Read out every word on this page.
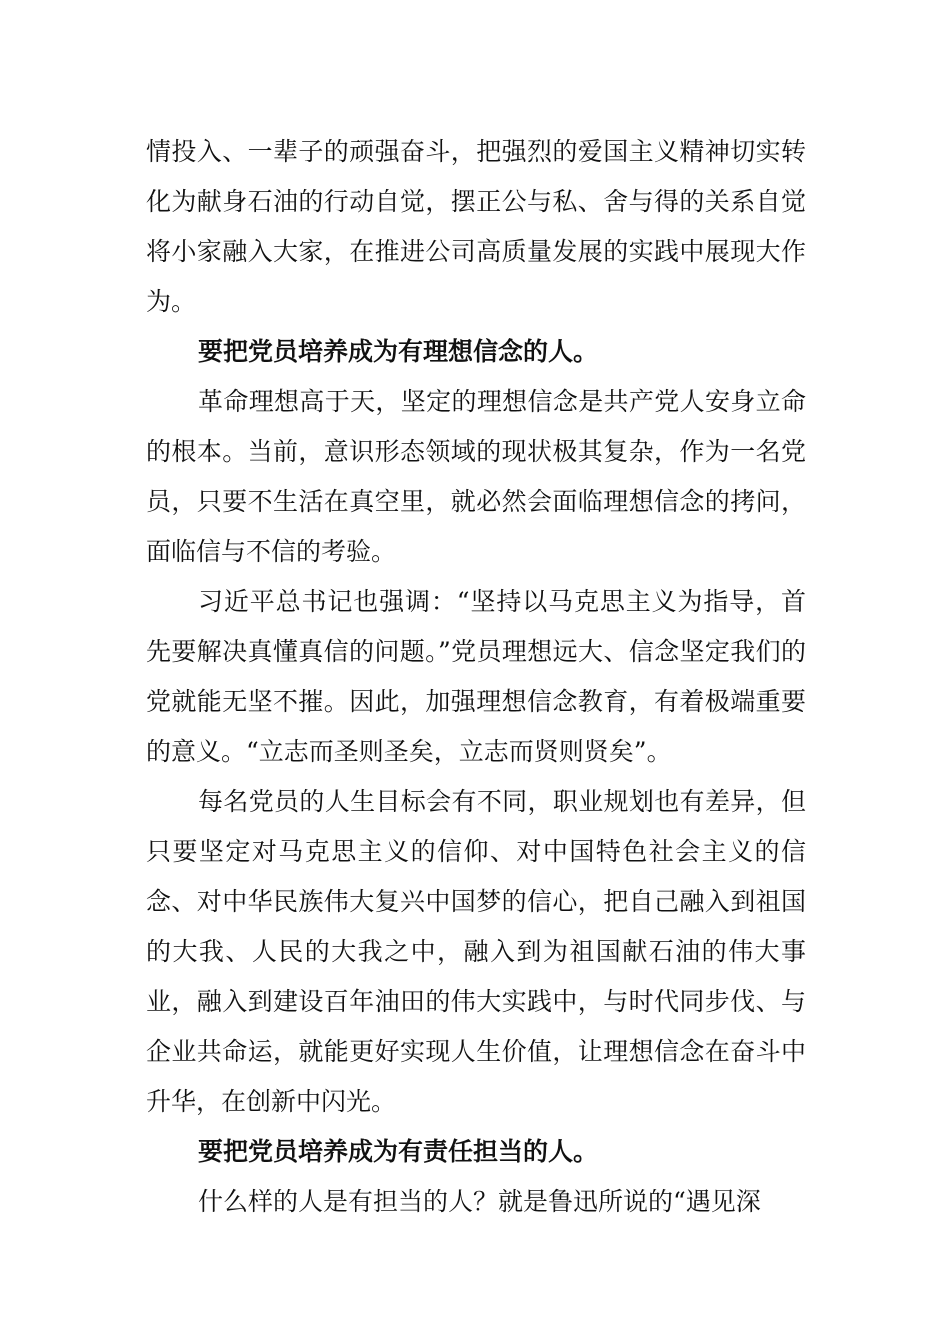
情投入、一辈子的顽强奋斗，把强烈的爱国主义精神切实转化为献身石油的行动自觉，摆正公与私、舍与得的关系自觉将小家融入大家，在推进公司高质量发展的实践中展现大作为。

要把党员培养成为有理想信念的人。

革命理想高于天，坚定的理想信念是共产党人安身立命的根本。当前，意识形态领域的现状极其复杂，作为一名党员，只要不生活在真空里，就必然会面临理想信念的拷问，面临信与不信的考验。

习近平总书记也强调：“坚持以马克思主义为指导，首先要解决真懂真信的问题。”党员理想远大、信念坚定我们的党就能无坚不摧。因此，加强理想信念教育，有着极端重要的意义。“立志而圣则圣矣，立志而贤则贤矣”。

每名党员的人生目标会有不同，职业规划也有差异，但只要坚定对马克思主义的信仰、对中国特色社会主义的信念、对中华民族伟大复兴中国梦的信心，把自己融入到祖国的大我、人民的大我之中，融入到为祖国献石油的伟大事业，融入到建设百年油田的伟大实践中，与时代同步伐、与企业共命运，就能更好实现人生价值，让理想信念在奋斗中升华，在创新中闪光。

要把党员培养成为有责任担当的人。

什么样的人是有担当的人？就是鲁迅所说的“遇见深
